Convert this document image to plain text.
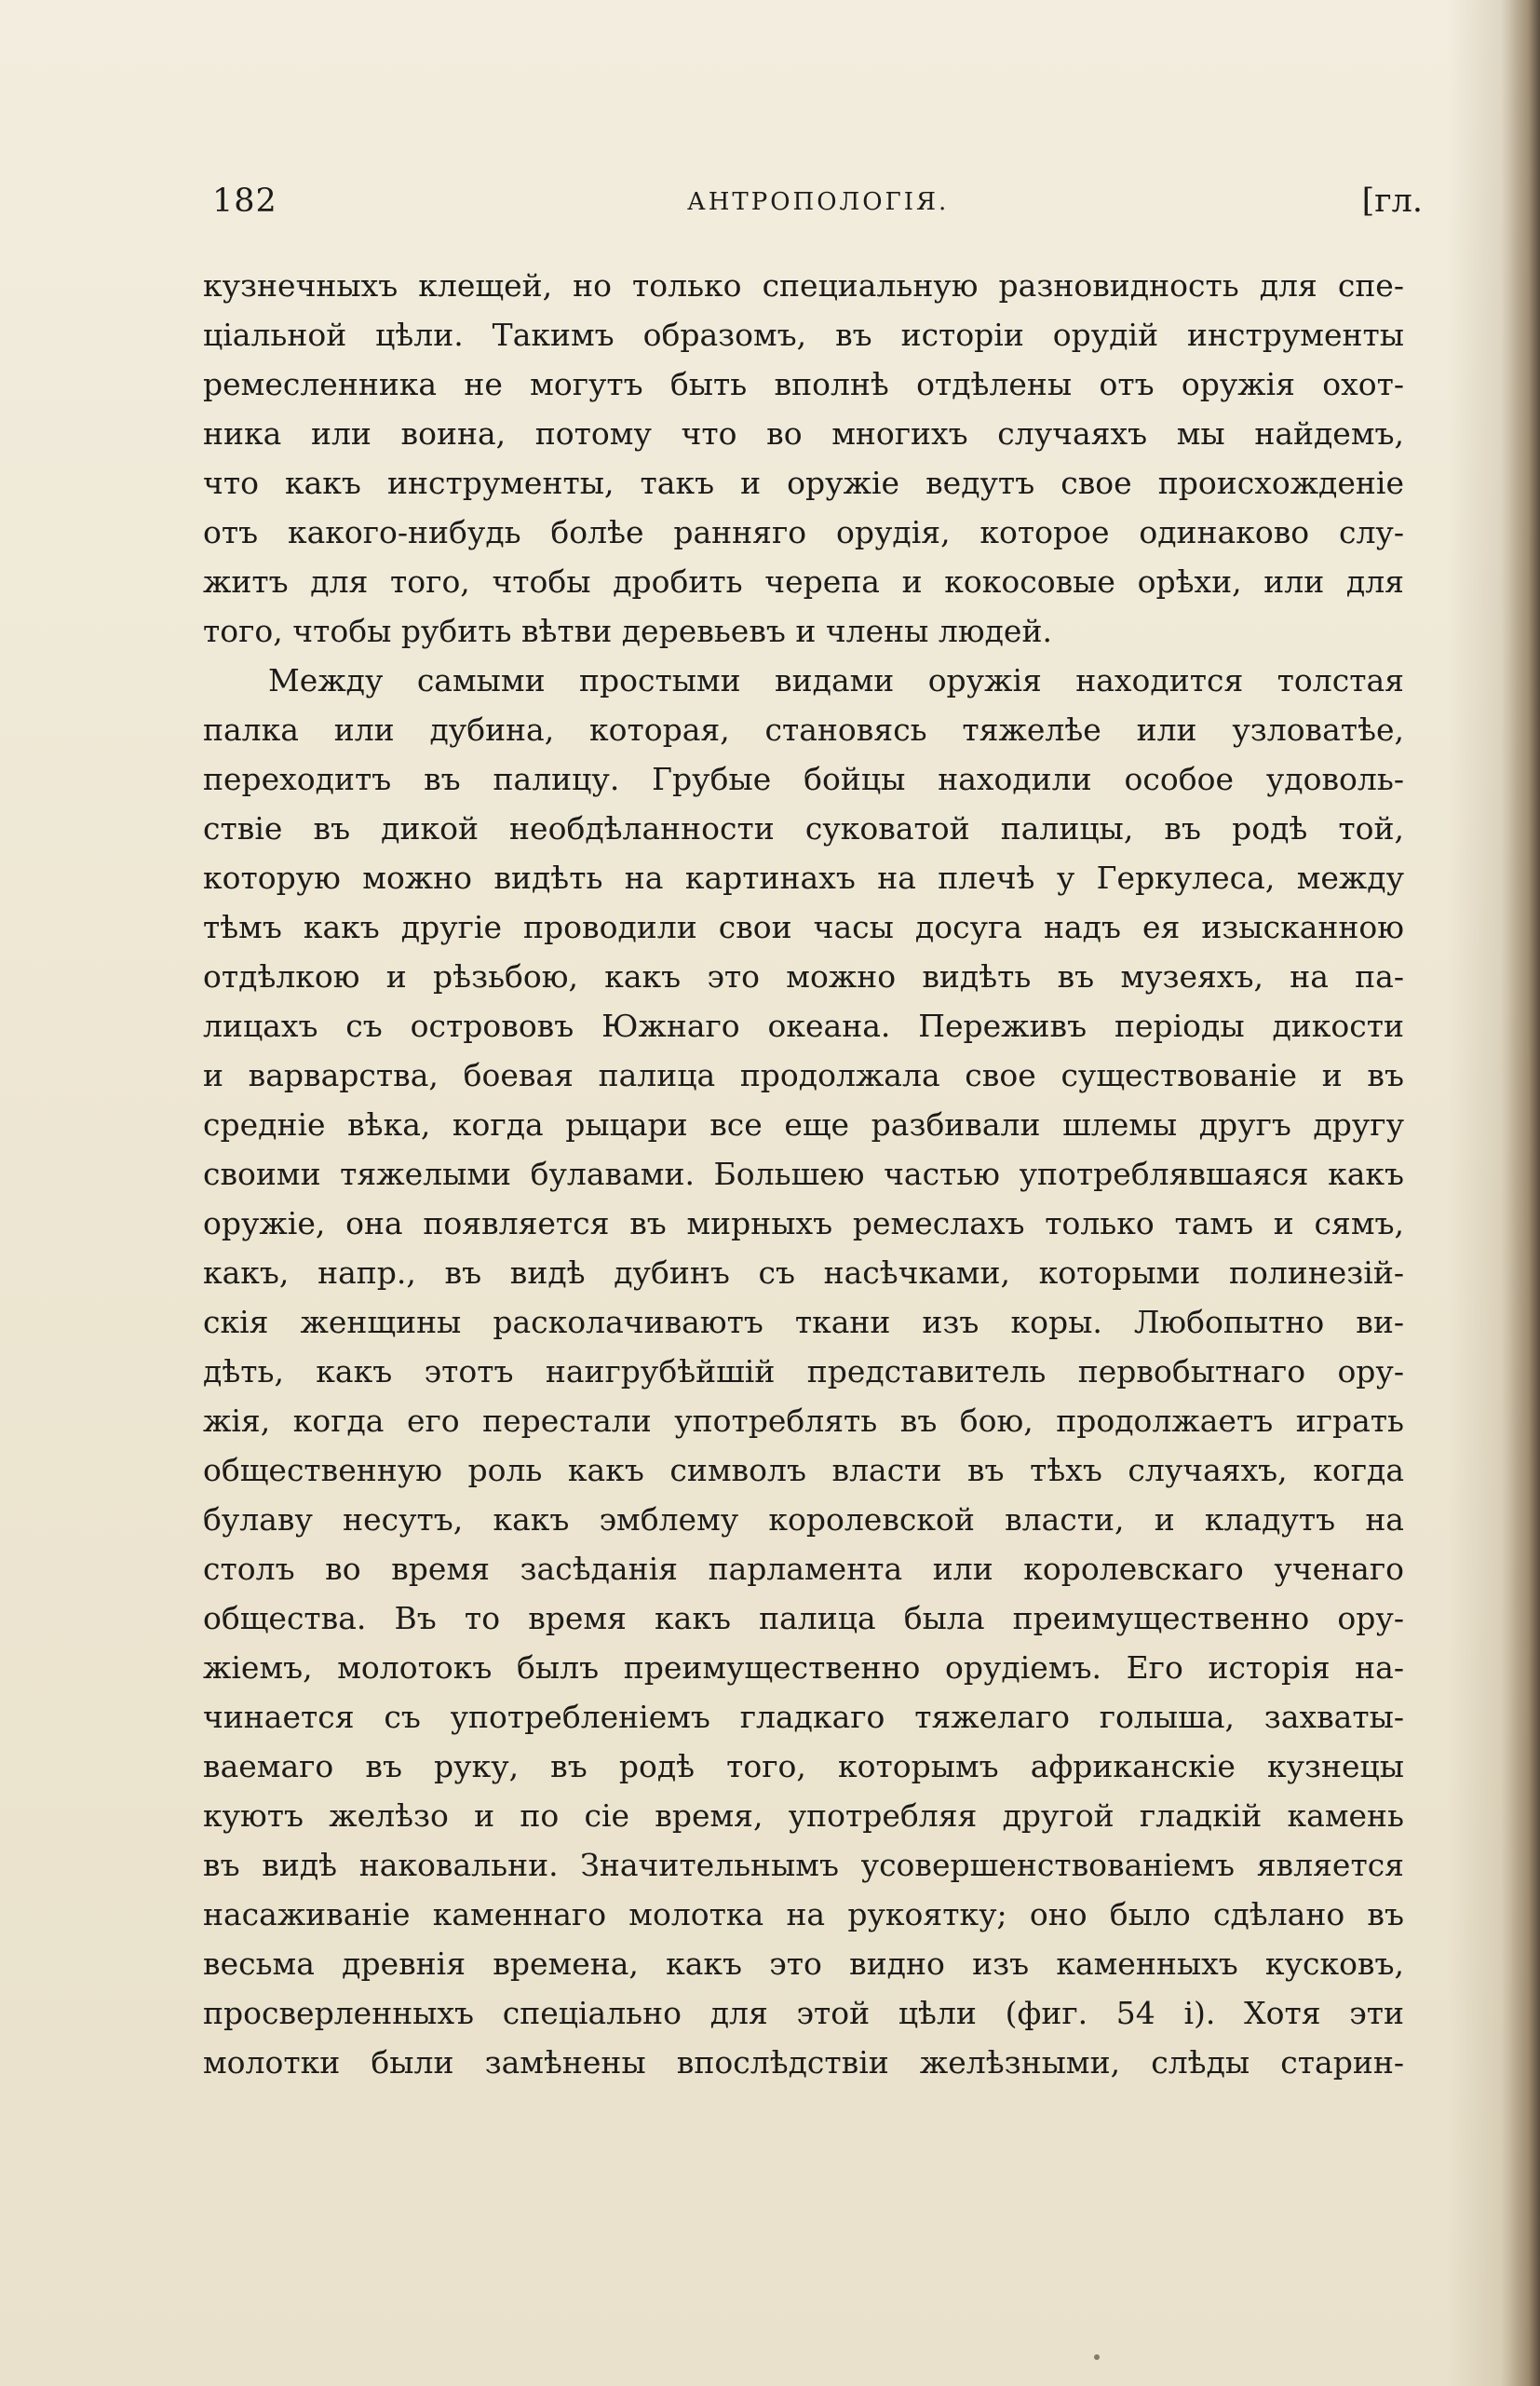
182	АНТРОПОЛОГІЯ.	[гл.
кузнечныхъ клещей, но только специальную разновидность для спе-
ціальной цѣли. Такимъ образомъ, въ исторіи орудій инструменты
ремесленника не могутъ быть вполнѣ отдѣлены отъ оружія охот-
ника или воина, потому что во многихъ случаяхъ мы найдемъ,
что какъ инструменты, такъ и оружіе ведутъ свое происхожденіе
отъ какого-нибудь болѣе ранняго орудія, которое одинаково слу-
житъ для того, чтобы дробить черепа и кокосовые орѣхи, или для
того, чтобы рубить вѣтви деревьевъ и члены людей.
Между самыми простыми видами оружія находится толстая
палка или дубина, которая, становясь тяжелѣе или узловатѣе,
переходитъ въ палицу. Грубые бойцы находили особое удоволь-
ствіе въ дикой необдѣланности суковатой палицы, въ родѣ той,
которую можно видѣть на картинахъ на плечѣ у Геркулеса, между
тѣмъ какъ другіе проводили свои часы досуга надъ ея изысканною
отдѣлкою и рѣзьбою, какъ это можно видѣть въ музеяхъ, на па-
лицахъ съ острововъ Южнаго океана. Переживъ періоды дикости
и варварства, боевая палица продолжала свое существованіе и въ
средніе вѣка, когда рыцари все еще разбивали шлемы другъ другу
своими тяжелыми булавами. Большею частью употреблявшаяся какъ
оружіе, она появляется въ мирныхъ ремеслахъ только тамъ и сямъ,
какъ, напр., въ видѣ дубинъ съ насѣчками, которыми полинезій-
скія женщины расколачиваютъ ткани изъ коры. Любопытно ви-
дѣть, какъ этотъ наигрубѣйшій представитель первобытнаго ору-
жія, когда его перестали употреблять въ бою, продолжаетъ играть
общественную роль какъ символъ власти въ тѣхъ случаяхъ, когда
булаву несутъ, какъ эмблему королевской власти, и кладутъ на
столъ во время засѣданія парламента или королевскаго ученаго
общества. Въ то время какъ палица была преимущественно ору-
жіемъ, молотокъ былъ преимущественно орудіемъ. Его исторія на-
чинается съ употребленіемъ гладкаго тяжелаго голыша, захваты-
ваемаго въ руку, въ родѣ того, которымъ африканскіе кузнецы
куютъ желѣзо и по сіе время, употребляя другой гладкій камень
въ видѣ наковальни. Значительнымъ усовершенствованіемъ является
насаживаніе каменнаго молотка на рукоятку; оно было сдѣлано въ
весьма древнія времена, какъ это видно изъ каменныхъ кусковъ,
просверленныхъ спеціально для этой цѣли (фиг. 54 і). Хотя эти
молотки были замѣнены впослѣдствіи желѣзными, слѣды старин-
